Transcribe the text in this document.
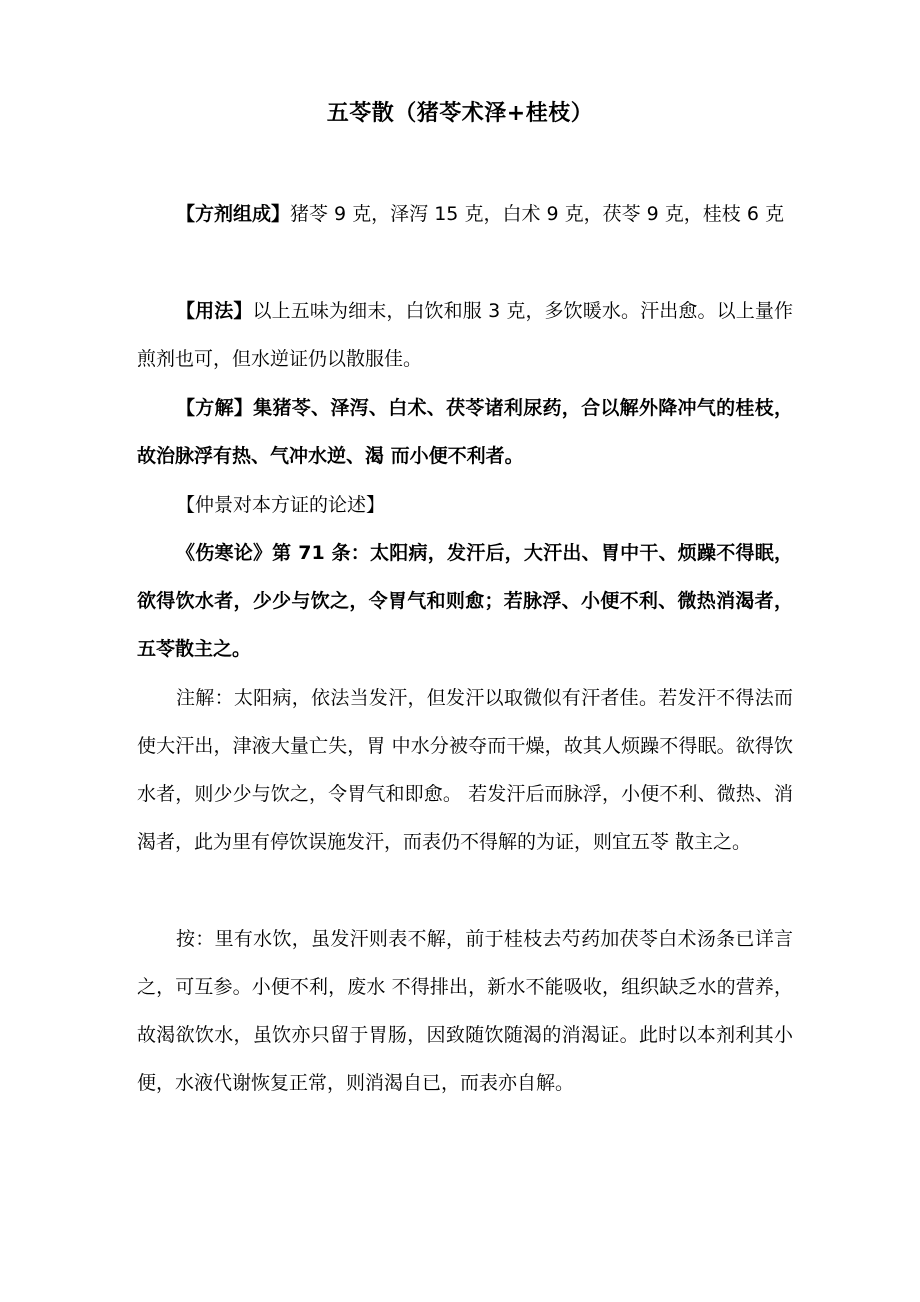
五苓散（猪苓术泽+桂枝）

【方剂组成】猪苓 9 克，泽泻 15 克，白术 9 克，茯苓 9 克，桂枝 6 克

【用法】以上五味为细末，白饮和服 3 克，多饮暖水。汗出愈。以上量作煎剂也可，但水逆证仍以散服佳。

【方解】集猪苓、泽泻、白术、茯苓诸利尿药，合以解外降冲气的桂枝，故治脉浮有热、气冲水逆、渴 而小便不利者。

【仲景对本方证的论述】

《伤寒论》第 71 条：太阳病，发汗后，大汗出、胃中干、烦躁不得眠，欲得饮水者，少少与饮之，令胃气和则愈；若脉浮、小便不利、微热消渴者，五苓散主之。

注解：太阳病，依法当发汗，但发汗以取微似有汗者佳。若发汗不得法而使大汗出，津液大量亡失，胃 中水分被夺而干燥，故其人烦躁不得眠。欲得饮水者，则少少与饮之，令胃气和即愈。 若发汗后而脉浮，小便不利、微热、消渴者，此为里有停饮误施发汗，而表仍不得解的为证，则宜五苓 散主之。

按：里有水饮，虽发汗则表不解，前于桂枝去芍药加茯苓白术汤条已详言之，可互参。小便不利，废水 不得排出，新水不能吸收，组织缺乏水的营养，故渴欲饮水，虽饮亦只留于胃肠，因致随饮随渴的消渴证。此时以本剂利其小便，水液代谢恢复正常，则消渴自已，而表亦自解。
